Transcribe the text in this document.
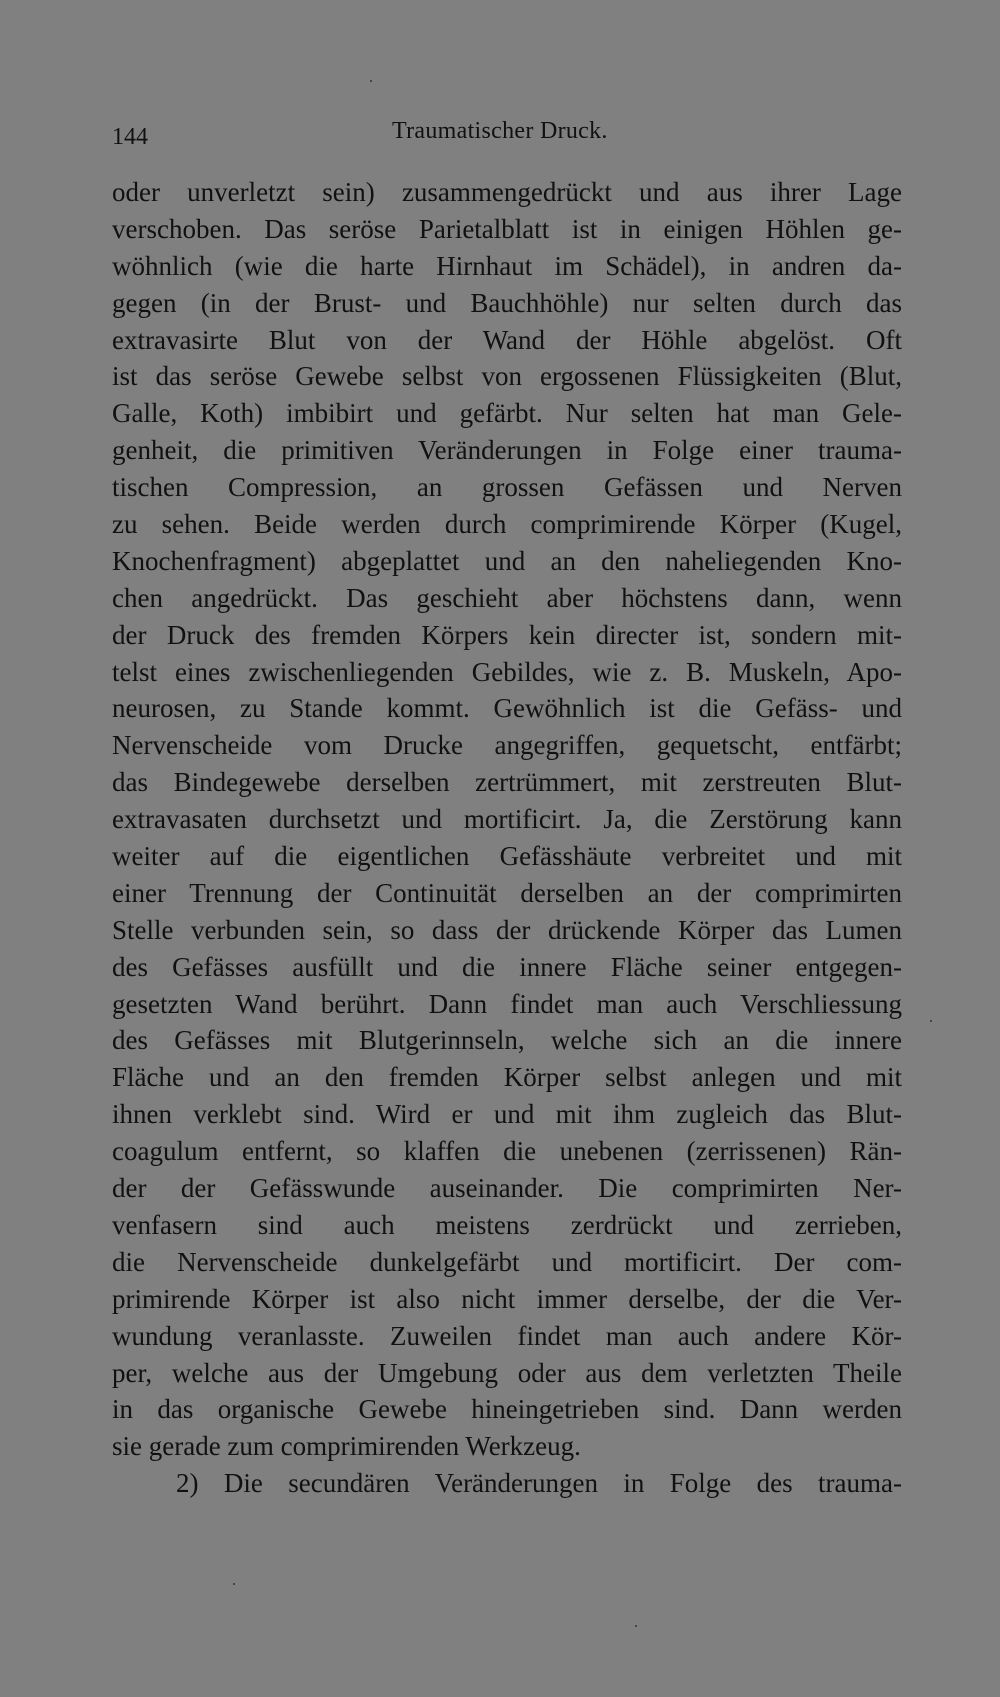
144	Traumatischer Druck.
oder unverletzt sein) zusammengedrückt und aus ihrer Lage
verschoben. Das seröse Parietalblatt ist in einigen Höhlen ge-
wöhnlich (wie die harte Hirnhaut im Schädel), in andren da-
gegen (in der Brust- und Bauchhöhle) nur selten durch das
extravasirte Blut von der Wand der Höhle abgelöst. Oft
ist das seröse Gewebe selbst von ergossenen Flüssigkeiten (Blut,
Galle, Koth) imbibirt und gefärbt. Nur selten hat man Gele-
genheit, die primitiven Veränderungen in Folge einer trauma-
tischen Compression, an grossen Gefässen und Nerven
zu sehen. Beide werden durch comprimirende Körper (Kugel,
Knochenfragment) abgeplattet und an den naheliegenden Kno-
chen angedrückt. Das geschieht aber höchstens dann, wenn
der Druck des fremden Körpers kein directer ist, sondern mit-
telst eines zwischenliegenden Gebildes, wie z. B. Muskeln, Apo-
neurosen, zu Stande kommt. Gewöhnlich ist die Gefäss- und
Nervenscheide vom Drucke angegriffen, gequetscht, entfärbt;
das Bindegewebe derselben zertrümmert, mit zerstreuten Blut-
extravasaten durchsetzt und mortificirt. Ja, die Zerstörung kann
weiter auf die eigentlichen Gefässhäute verbreitet und mit
einer Trennung der Continuität derselben an der comprimirten
Stelle verbunden sein, so dass der drückende Körper das Lumen
des Gefässes ausfüllt und die innere Fläche seiner entgegen-
gesetzten Wand berührt. Dann findet man auch Verschliessung
des Gefässes mit Blutgerinnseln, welche sich an die innere
Fläche und an den fremden Körper selbst anlegen und mit
ihnen verklebt sind. Wird er und mit ihm zugleich das Blut-
coagulum entfernt, so klaffen die unebenen (zerrissenen) Rän-
der der Gefässwunde auseinander. Die comprimirten Ner-
venfasern sind auch meistens zerdrückt und zerrieben,
die Nervenscheide dunkelgefärbt und mortificirt. Der com-
primirende Körper ist also nicht immer derselbe, der die Ver-
wundung veranlasste. Zuweilen findet man auch andere Kör-
per, welche aus der Umgebung oder aus dem verletzten Theile
in das organische Gewebe hineingetrieben sind. Dann werden
sie gerade zum comprimirenden Werkzeug.
2) Die secundären Veränderungen in Folge des trauma-
